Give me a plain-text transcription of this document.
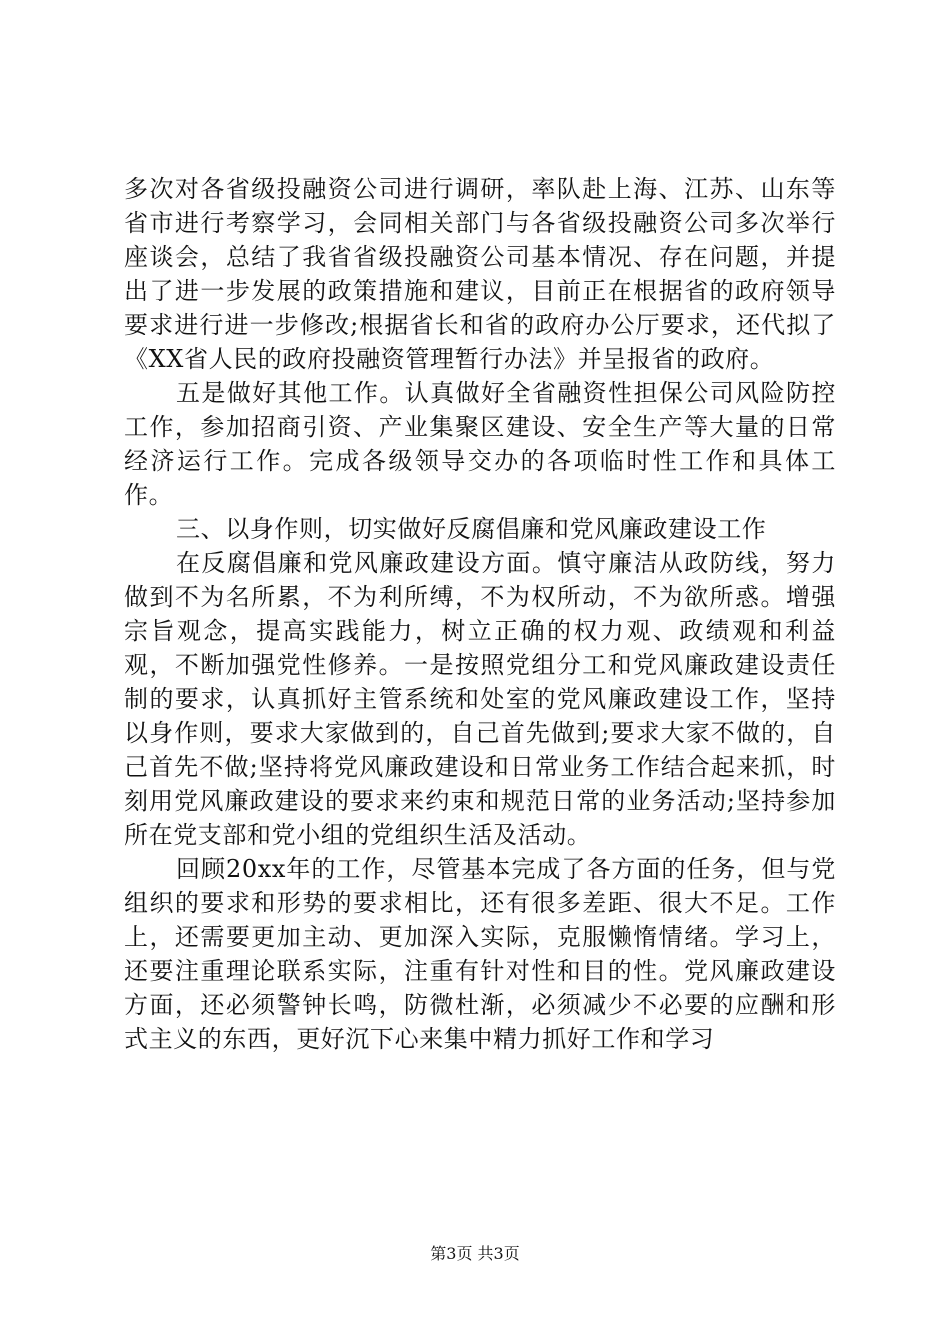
多次对各省级投融资公司进行调研，率队赴上海、江苏、山东等省市进行考察学习，会同相关部门与各省级投融资公司多次举行座谈会，总结了我省省级投融资公司基本情况、存在问题，并提出了进一步发展的政策措施和建议，目前正在根据省的政府领导要求进行进一步修改;根据省长和省的政府办公厅要求，还代拟了《XX省人民的政府投融资管理暂行办法》并呈报省的政府。

五是做好其他工作。认真做好全省融资性担保公司风险防控工作，参加招商引资、产业集聚区建设、安全生产等大量的日常经济运行工作。完成各级领导交办的各项临时性工作和具体工作。

三、以身作则，切实做好反腐倡廉和党风廉政建设工作

在反腐倡廉和党风廉政建设方面。慎守廉洁从政防线，努力做到不为名所累，不为利所缚，不为权所动，不为欲所惑。增强宗旨观念，提高实践能力，树立正确的权力观、政绩观和利益观，不断加强党性修养。一是按照党组分工和党风廉政建设责任制的要求，认真抓好主管系统和处室的党风廉政建设工作，坚持以身作则，要求大家做到的，自己首先做到;要求大家不做的，自己首先不做;坚持将党风廉政建设和日常业务工作结合起来抓，时刻用党风廉政建设的要求来约束和规范日常的业务活动;坚持参加所在党支部和党小组的党组织生活及活动。

回顾20xx年的工作，尽管基本完成了各方面的任务，但与党组织的要求和形势的要求相比，还有很多差距、很大不足。工作上，还需要更加主动、更加深入实际，克服懒惰情绪。学习上，还要注重理论联系实际，注重有针对性和目的性。党风廉政建设方面，还必须警钟长鸣，防微杜渐，必须减少不必要的应酬和形式主义的东西，更好沉下心来集中精力抓好工作和学习

第3页 共3页
